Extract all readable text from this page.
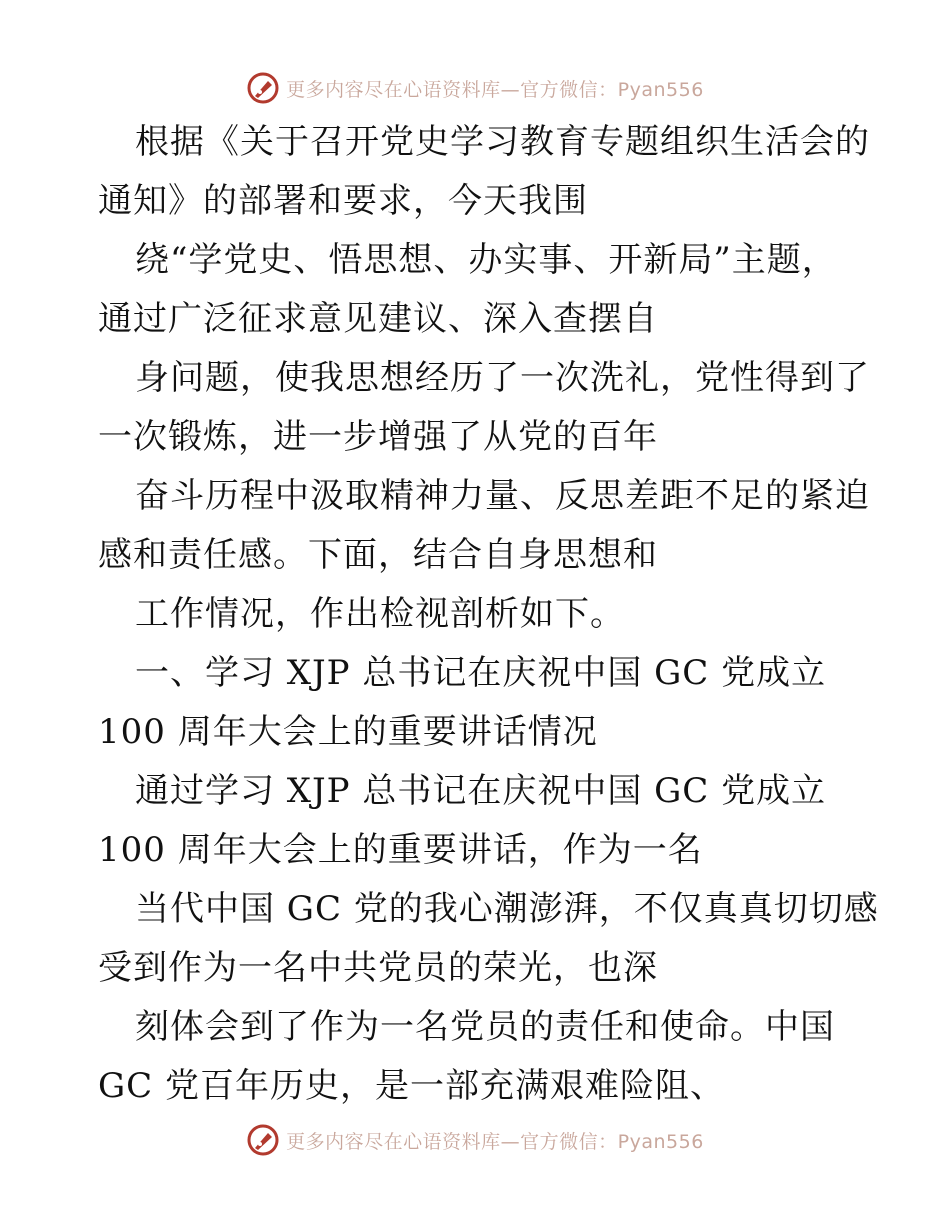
更多内容尽在心语资料库—官方微信：Pyan556
根据《关于召开党史学习教育专题组织生活会的
通知》的部署和要求，今天我围
绕“学党史、悟思想、办实事、开新局”主题，
通过广泛征求意见建议、深入查摆自
身问题，使我思想经历了一次洗礼，党性得到了
一次锻炼，进一步增强了从党的百年
奋斗历程中汲取精神力量、反思差距不足的紧迫
感和责任感。下面，结合自身思想和
工作情况，作出检视剖析如下。
一、学习 XJP 总书记在庆祝中国 GC 党成立
100 周年大会上的重要讲话情况
通过学习 XJP 总书记在庆祝中国 GC 党成立
100 周年大会上的重要讲话，作为一名
当代中国 GC 党的我心潮澎湃，不仅真真切切感
受到作为一名中共党员的荣光，也深
刻体会到了作为一名党员的责任和使命。中国
GC 党百年历史，是一部充满艰难险阻、
更多内容尽在心语资料库—官方微信：Pyan556
